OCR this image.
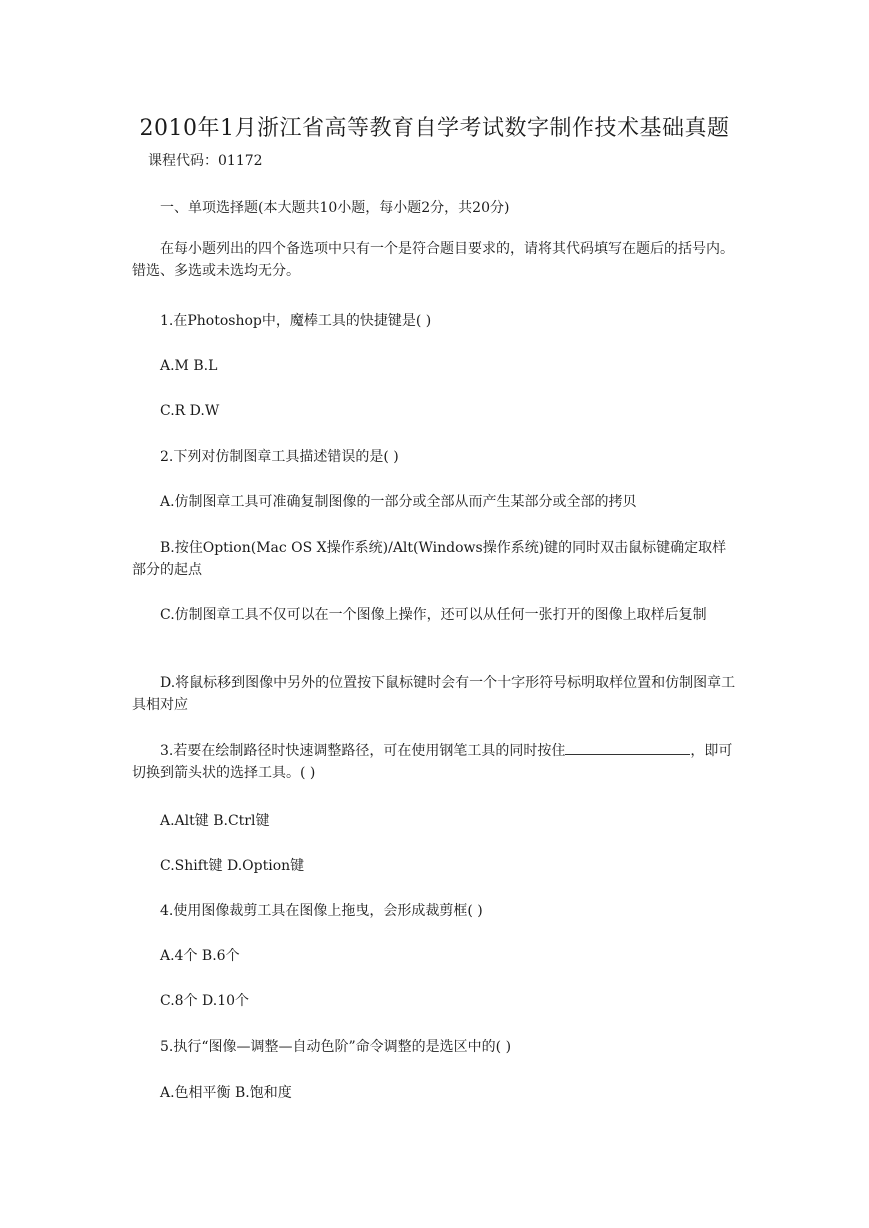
2010年1月浙江省高等教育自学考试数字制作技术基础真题
课程代码：01172
一、单项选择题(本大题共10小题，每小题2分，共20分)
在每小题列出的四个备选项中只有一个是符合题目要求的，请将其代码填写在题后的括号内。错选、多选或未选均无分。
1.在Photoshop中，魔棒工具的快捷键是( )
A.M B.L
C.R D.W
2.下列对仿制图章工具描述错误的是( )
A.仿制图章工具可准确复制图像的一部分或全部从而产生某部分或全部的拷贝
B.按住Option(Mac OS X操作系统)/Alt(Windows操作系统)键的同时双击鼠标键确定取样部分的起点
C.仿制图章工具不仅可以在一个图像上操作，还可以从任何一张打开的图像上取样后复制
D.将鼠标移到图像中另外的位置按下鼠标键时会有一个十字形符号标明取样位置和仿制图章工具相对应
3.若要在绘制路径时快速调整路径，可在使用钢笔工具的同时按住	，即可切换到箭头状的选择工具。( )
A.Alt键 B.Ctrl键
C.Shift键 D.Option键
4.使用图像裁剪工具在图像上拖曳，会形成裁剪框( )
A.4个 B.6个
C.8个 D.10个
5.执行“图像—调整—自动色阶”命令调整的是选区中的( )
A.色相平衡 B.饱和度
